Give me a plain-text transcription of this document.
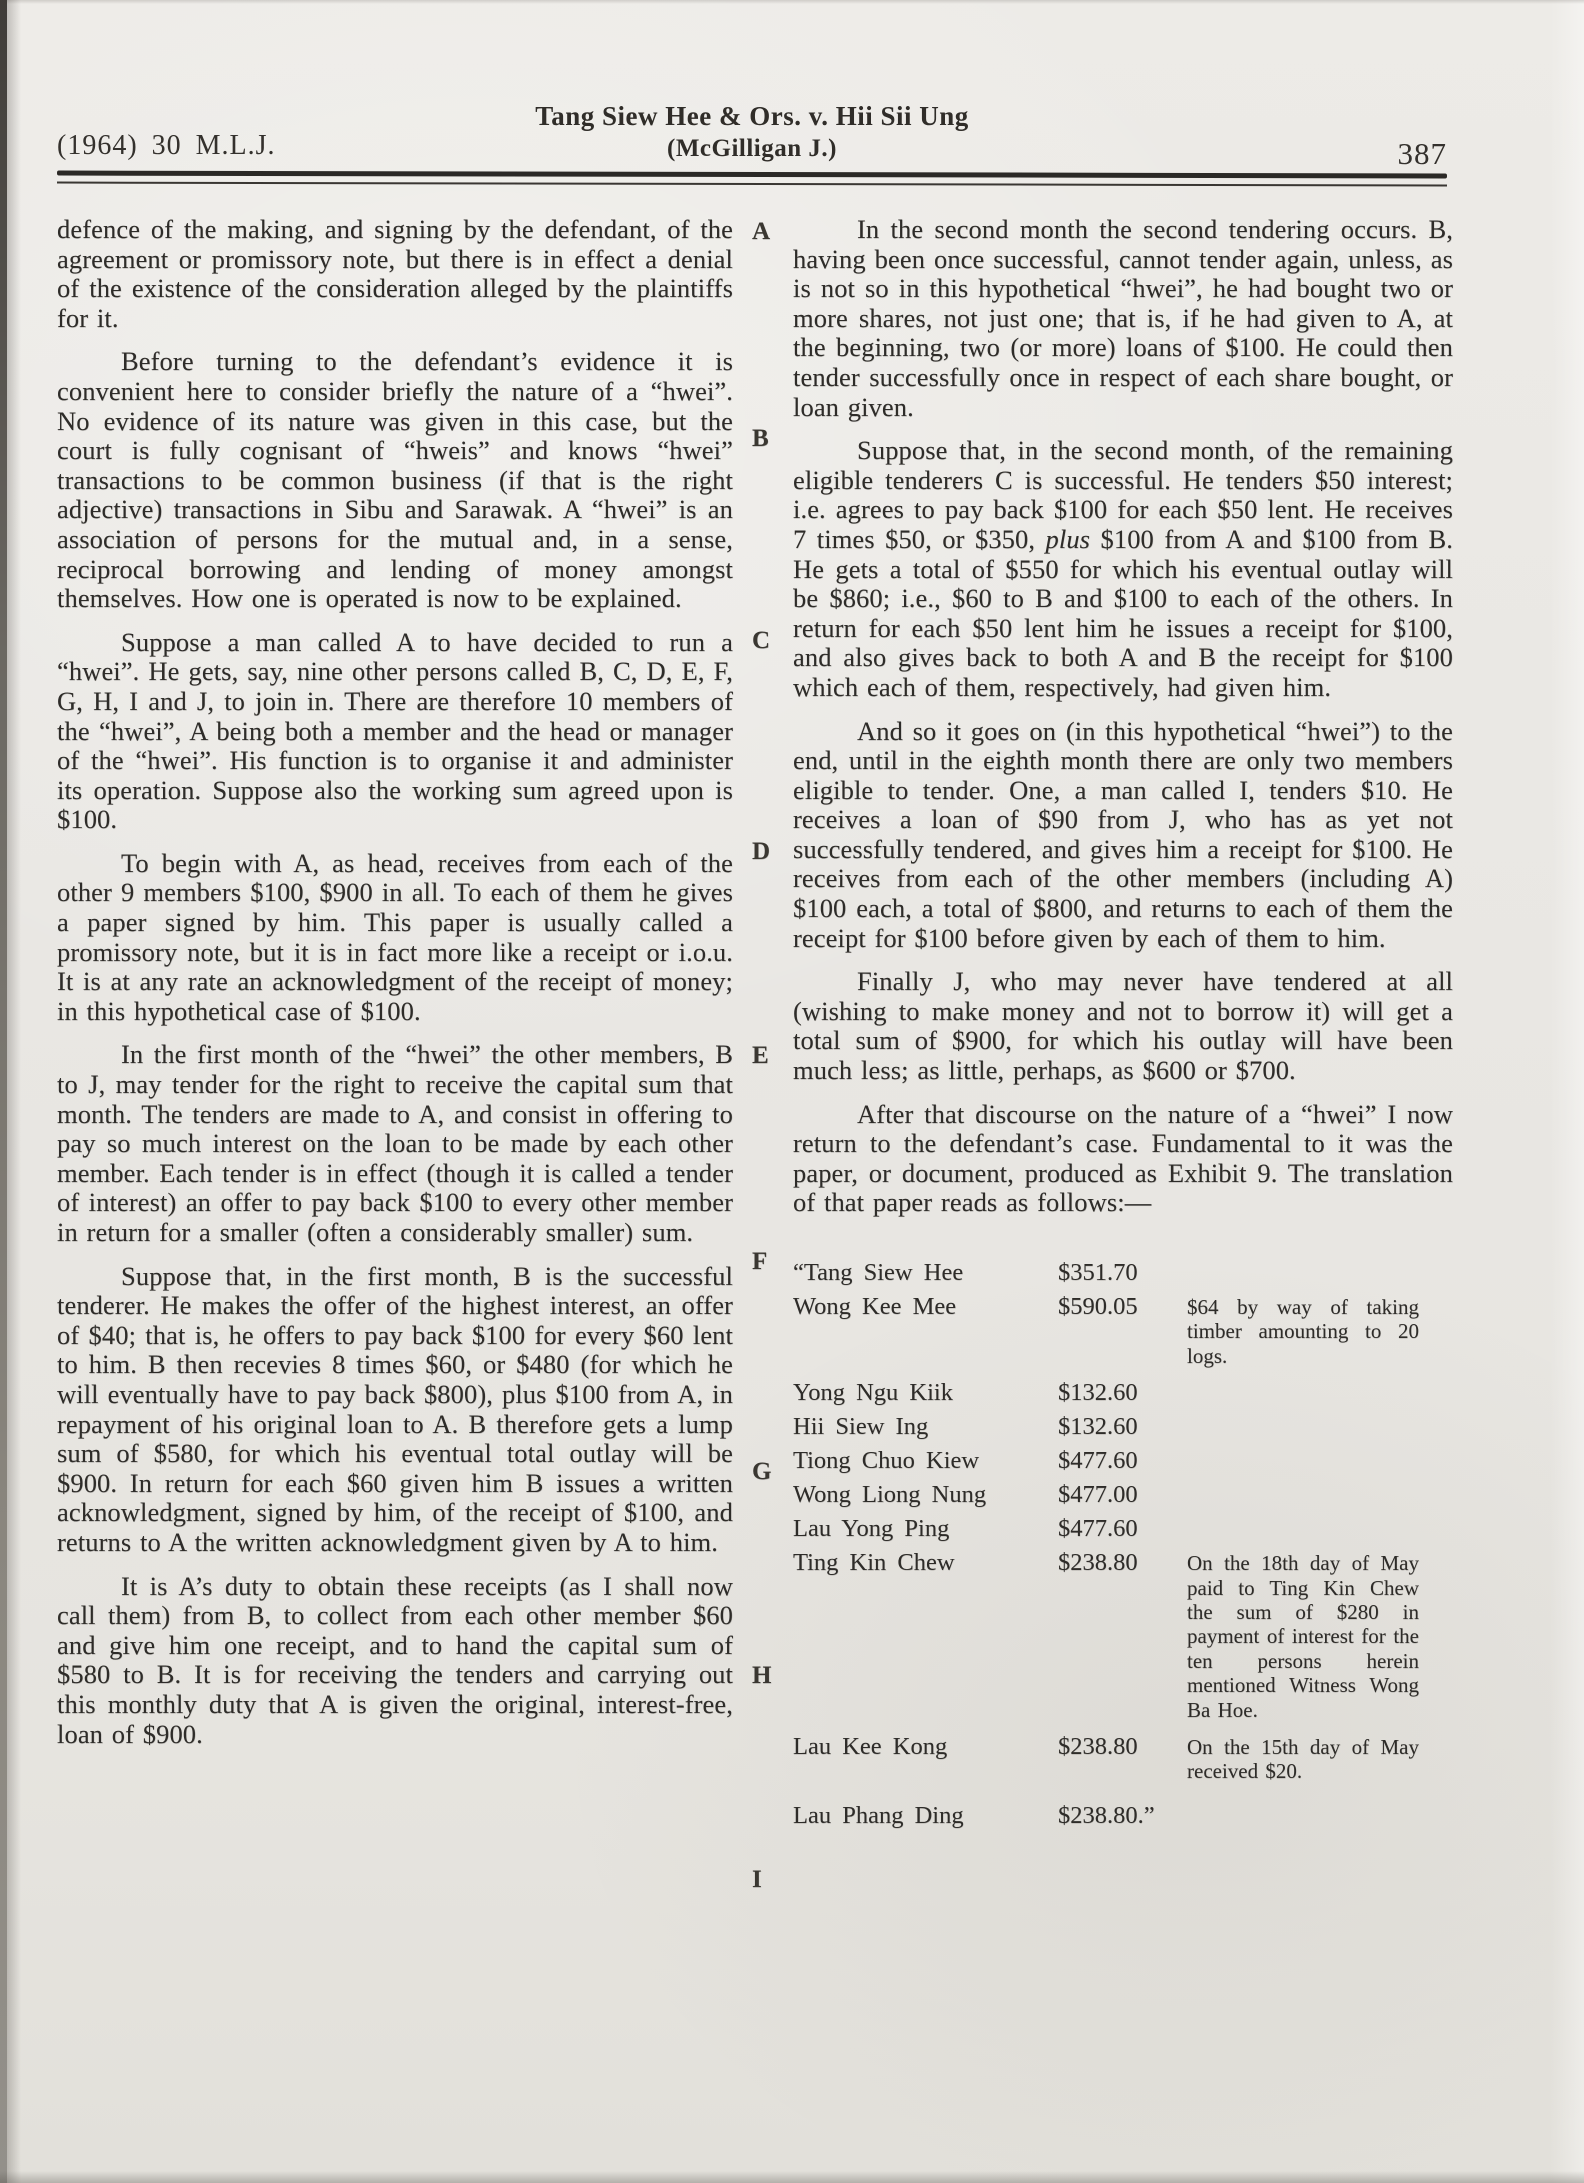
(1964) 30 M.L.J.
Tang Siew Hee & Ors. v. Hii Sii Ung
(McGilligan J.)	387
A
B
C
D
E
F
G
H
I

defence of the making, and signing by the defendant, of the agreement or promissory note, but there is in effect a denial of the existence of the consideration alleged by the plaintiffs for it.

Before turning to the defendant’s evidence it is convenient here to consider briefly the nature of a “hwei”. No evidence of its nature was given in this case, but the court is fully cognisant of “hweis” and knows “hwei” transactions to be common business (if that is the right adjective) transactions in Sibu and Sarawak. A “hwei” is an association of persons for the mutual and, in a sense, reciprocal borrowing and lending of money amongst themselves. How one is operated is now to be explained.

Suppose a man called A to have decided to run a “hwei”. He gets, say, nine other persons called B, C, D, E, F, G, H, I and J, to join in. There are therefore 10 members of the “hwei”, A being both a member and the head or manager of the “hwei”. His function is to organise it and administer its operation. Suppose also the working sum agreed upon is $100.

To begin with A, as head, receives from each of the other 9 members $100, $900 in all. To each of them he gives a paper signed by him. This paper is usually called a promissory note, but it is in fact more like a receipt or i.o.u. It is at any rate an acknowledgment of the receipt of money; in this hypothetical case of $100.

In the first month of the “hwei” the other members, B to J, may tender for the right to receive the capital sum that month. The tenders are made to A, and consist in offering to pay so much interest on the loan to be made by each other member. Each tender is in effect (though it is called a tender of interest) an offer to pay back $100 to every other member in return for a smaller (often a considerably smaller) sum.

Suppose that, in the first month, B is the successful tenderer. He makes the offer of the highest interest, an offer of $40; that is, he offers to pay back $100 for every $60 lent to him. B then recevies 8 times $60, or $480 (for which he will eventually have to pay back $800), plus $100 from A, in repayment of his original loan to A. B therefore gets a lump sum of $580, for which his eventual total outlay will be $900. In return for each $60 given him B issues a written acknowledgment, signed by him, of the receipt of $100, and returns to A the written acknowledgment given by A to him.

It is A’s duty to obtain these receipts (as I shall now call them) from B, to collect from each other member $60 and give him one receipt, and to hand the capital sum of $580 to B. It is for receiving the tenders and carrying out this monthly duty that A is given the original, interest-free, loan of $900.

In the second month the second tendering occurs. B, having been once successful, cannot tender again, unless, as is not so in this hypothetical “hwei”, he had bought two or more shares, not just one; that is, if he had given to A, at the beginning, two (or more) loans of $100. He could then tender successfully once in respect of each share bought, or loan given.

Suppose that, in the second month, of the remaining eligible tenderers C is successful. He tenders $50 interest; i.e. agrees to pay back $100 for each $50 lent. He receives 7 times $50, or $350, plus $100 from A and $100 from B. He gets a total of $550 for which his eventual outlay will be $860; i.e., $60 to B and $100 to each of the others. In return for each $50 lent him he issues a receipt for $100, and also gives back to both A and B the receipt for $100 which each of them, respectively, had given him.

And so it goes on (in this hypothetical “hwei”) to the end, until in the eighth month there are only two members eligible to tender. One, a man called I, tenders $10. He receives a loan of $90 from J, who has as yet not successfully tendered, and gives him a receipt for $100. He receives from each of the other members (including A) $100 each, a total of $800, and returns to each of them the receipt for $100 before given by each of them to him.

Finally J, who may never have tendered at all (wishing to make money and not to borrow it) will get a total sum of $900, for which his outlay will have been much less; as little, perhaps, as $600 or $700.

After that discourse on the nature of a “hwei” I now return to the defendant’s case. Fundamental to it was the paper, or document, produced as Exhibit 9. The translation of that paper reads as follows:—

“Tang Siew Hee	$351.70
Wong Kee Mee	$590.05	$64 by way of taking timber amounting to 20 logs.
Yong Ngu Kiik	$132.60
Hii Siew Ing	$132.60
Tiong Chuo Kiew	$477.60
Wong Liong Nung	$477.00
Lau Yong Ping	$477.60
Ting Kin Chew	$238.80	On the 18th day of May paid to Ting Kin Chew the sum of $280 in payment of interest for the ten persons herein mentioned Witness Wong Ba Hoe.
Lau Kee Kong	$238.80	On the 15th day of May received $20.
Lau Phang Ding	$238.80.”
